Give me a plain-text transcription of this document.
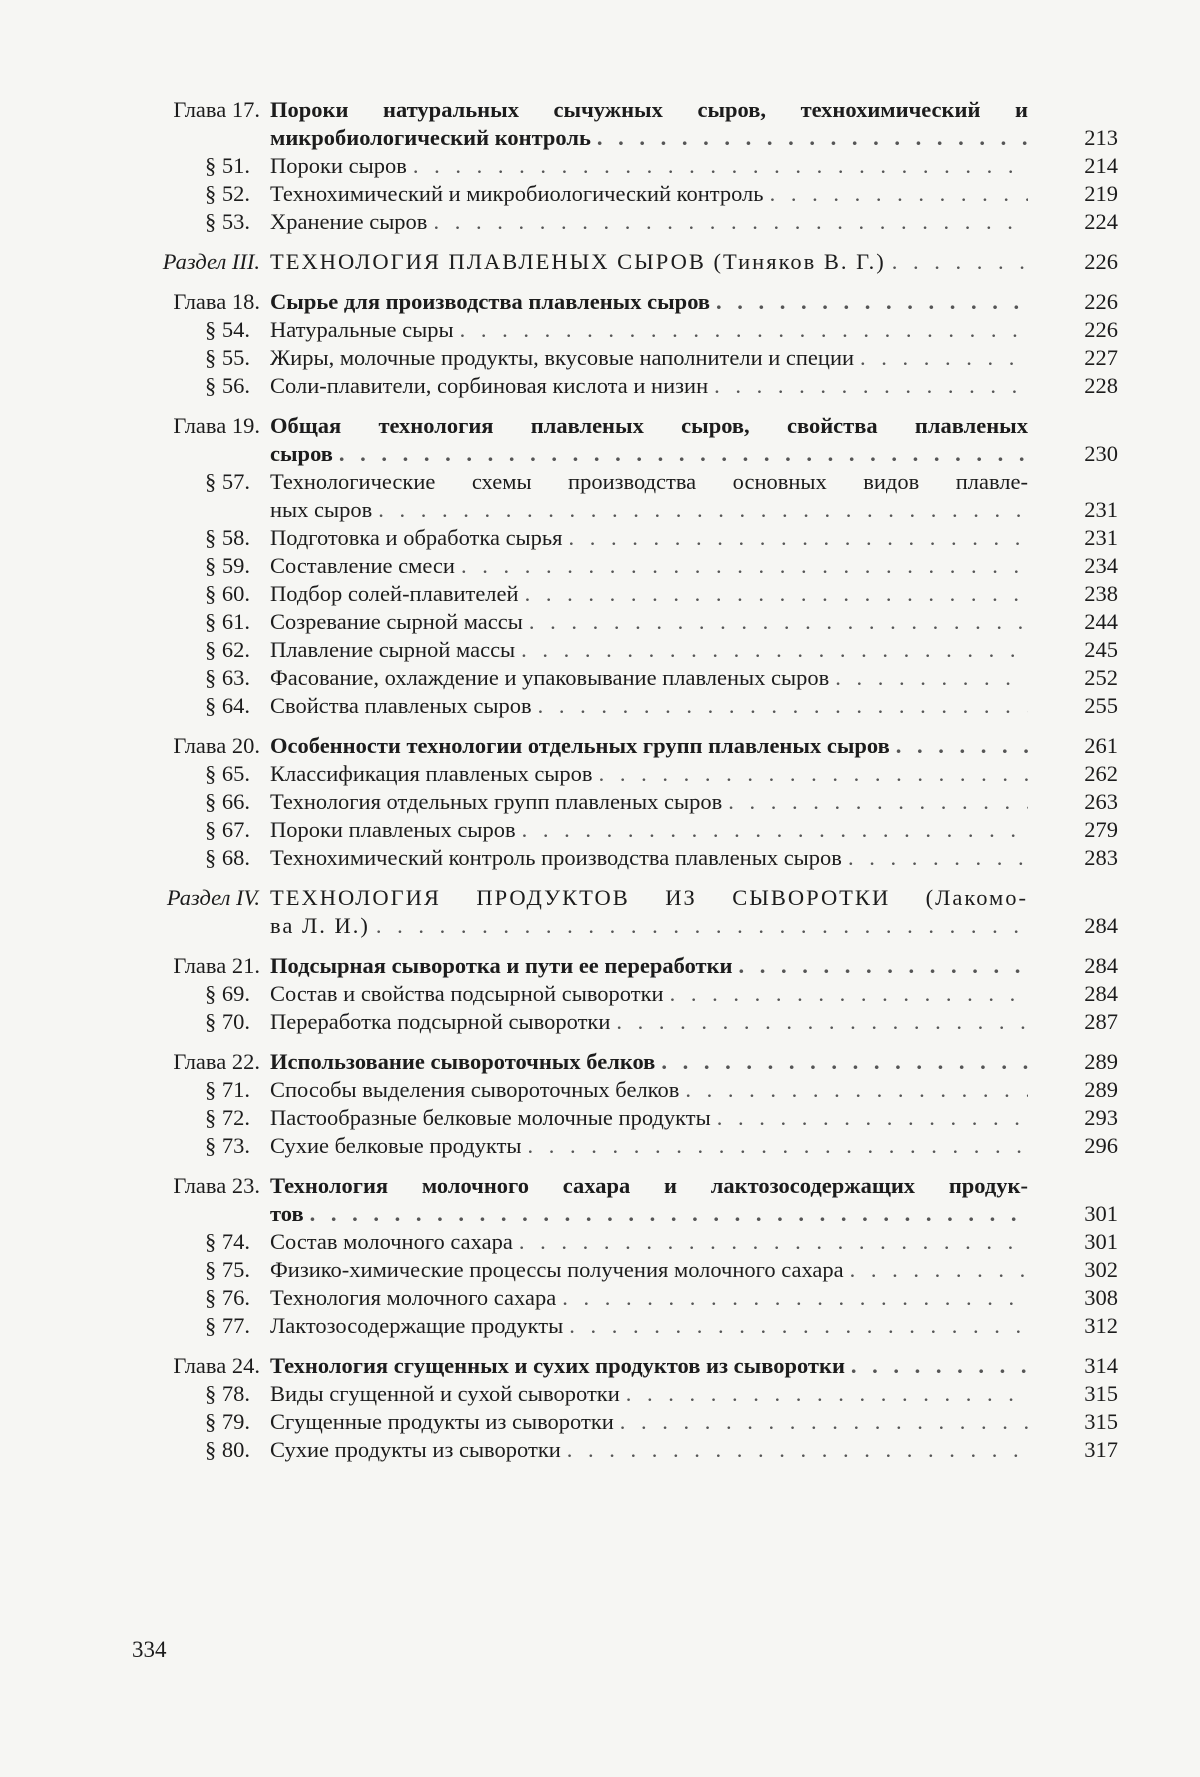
Глава 17. Пороки натуральных сычужных сыров, технохимический и
микробиологический контроль . . .	213
§ 51. Пороки сыров . . .	214
§ 52. Технохимический и микробиологический контроль . . .	219
§ 53. Хранение сыров . . .	224
Раздел III. ТЕХНОЛОГИЯ ПЛАВЛЕНЫХ СЫРОВ (Тиняков В. Г.) . . .	226
Глава 18. Сырье для производства плавленых сыров . . .	226
§ 54. Натуральные сыры . . .	226
§ 55. Жиры, молочные продукты, вкусовые наполнители и специи . . .	227
§ 56. Соли-плавители, сорбиновая кислота и низин . . .	228
Глава 19. Общая технология плавленых сыров, свойства плавленых
сыров . . .	230
§ 57. Технологические схемы производства основных видов плавле-
ных сыров . . .	231
§ 58. Подготовка и обработка сырья . . .	231
§ 59. Составление смеси . . .	234
§ 60. Подбор солей-плавителей . . .	238
§ 61. Созревание сырной массы . . .	244
§ 62. Плавление сырной массы . . .	245
§ 63. Фасование, охлаждение и упаковывание плавленых сыров . . .	252
§ 64. Свойства плавленых сыров . . .	255
Глава 20. Особенности технологии отдельных групп плавленых сыров . . .	261
§ 65. Классификация плавленых сыров . . .	262
§ 66. Технология отдельных групп плавленых сыров . . .	263
§ 67. Пороки плавленых сыров . . .	279
§ 68. Технохимический контроль производства плавленых сыров . . .	283
Раздел IV. ТЕХНОЛОГИЯ ПРОДУКТОВ ИЗ СЫВОРОТКИ (Лакомо-
ва Л. И.) . . .	284
Глава 21. Подсырная сыворотка и пути ее переработки . . .	284
§ 69. Состав и свойства подсырной сыворотки . . .	284
§ 70. Переработка подсырной сыворотки . . .	287
Глава 22. Использование сывороточных белков . . .	289
§ 71. Способы выделения сывороточных белков . . .	289
§ 72. Пастообразные белковые молочные продукты . . .	293
§ 73. Сухие белковые продукты . . .	296
Глава 23. Технология молочного сахара и лактозосодержащих продук-
тов . . .	301
§ 74. Состав молочного сахара . . .	301
§ 75. Физико-химические процессы получения молочного сахара . . .	302
§ 76. Технология молочного сахара . . .	308
§ 77. Лактозосодержащие продукты . . .	312
Глава 24. Технология сгущенных и сухих продуктов из сыворотки . . .	314
§ 78. Виды сгущенной и сухой сыворотки . . .	315
§ 79. Сгущенные продукты из сыворотки . . .	315
§ 80. Сухие продукты из сыворотки . . .	317
334
